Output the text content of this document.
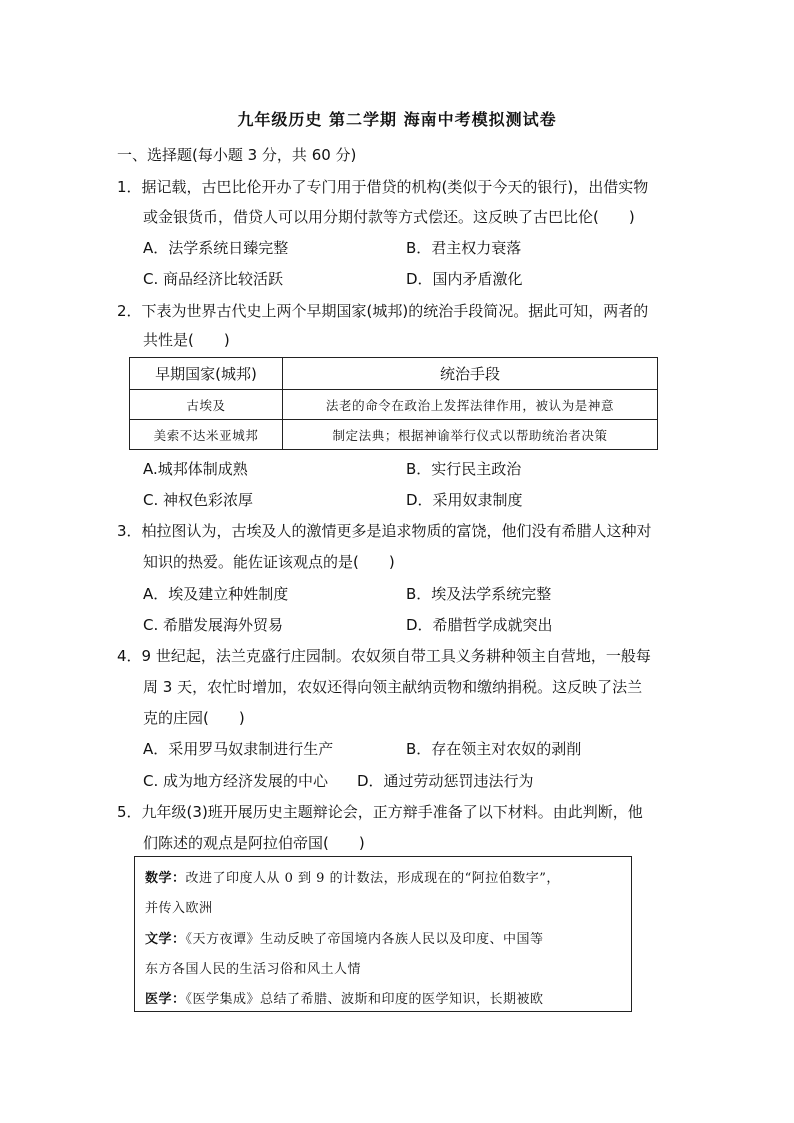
九年级历史 第二学期 海南中考模拟测试卷
一、选择题(每小题 3 分，共 60 分)
1．据记载，古巴比伦开办了专门用于借贷的机构(类似于今天的银行)，出借实物
或金银货币，借贷人可以用分期付款等方式偿还。这反映了古巴比伦(　　)
A．法学系统日臻完整	B．君主权力衰落
C. 商品经济比较活跃	D．国内矛盾激化
2．下表为世界古代史上两个早期国家(城邦)的统治手段简况。据此可知，两者的
共性是(　　)
早期国家(城邦)	统治手段
古埃及	法老的命令在政治上发挥法律作用，被认为是神意
美索不达米亚城邦	制定法典；根据神谕举行仪式以帮助统治者决策
A.城邦体制成熟	B．实行民主政治
C. 神权色彩浓厚	D．采用奴隶制度
3．柏拉图认为，古埃及人的激情更多是追求物质的富饶，他们没有希腊人这种对
知识的热爱。能佐证该观点的是(　　)
A．埃及建立种姓制度	B．埃及法学系统完整
C. 希腊发展海外贸易	D．希腊哲学成就突出
4．9 世纪起，法兰克盛行庄园制。农奴须自带工具义务耕种领主自营地，一般每
周 3 天，农忙时增加，农奴还得向领主献纳贡物和缴纳捐税。这反映了法兰
克的庄园(　　)
A．采用罗马奴隶制进行生产	B．存在领主对农奴的剥削
C. 成为地方经济发展的中心 D．通过劳动惩罚违法行为
5．九年级(3)班开展历史主题辩论会，正方辩手准备了以下材料。由此判断，他
们陈述的观点是阿拉伯帝国(　　)
数学：改进了印度人从 0 到 9 的计数法，形成现在的“阿拉伯数字”，
并传入欧洲
文学：《天方夜谭》生动反映了帝国境内各族人民以及印度、中国等
东方各国人民的生活习俗和风土人情
医学：《医学集成》总结了希腊、波斯和印度的医学知识，长期被欧
